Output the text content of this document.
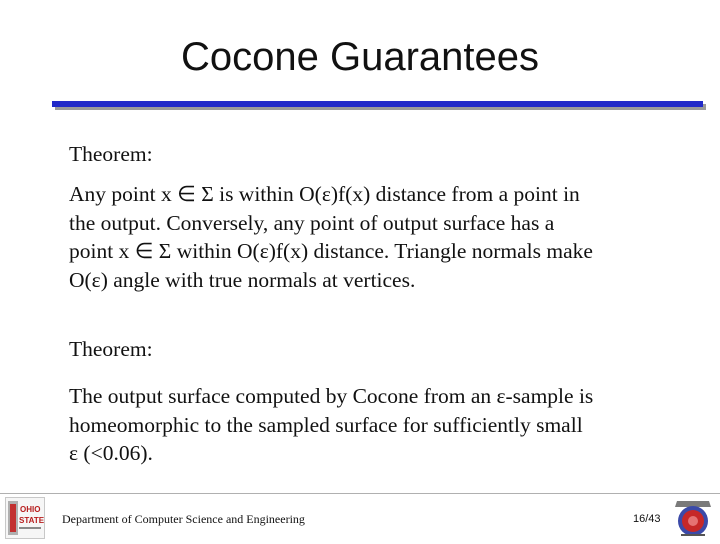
Cocone Guarantees
Theorem:
Any point x ∈ Σ is within O(ε)f(x) distance from a point in
the output. Conversely, any point of output surface has a
point x ∈ Σ within O(ε)f(x) distance. Triangle normals make
O(ε) angle with true normals at vertices.
Theorem:
The output surface computed by Cocone from an ε-sample is
homeomorphic to the sampled surface for sufficiently small
ε (<0.06).
OHIO
STATE Department of Computer Science and Engineering	16/43
